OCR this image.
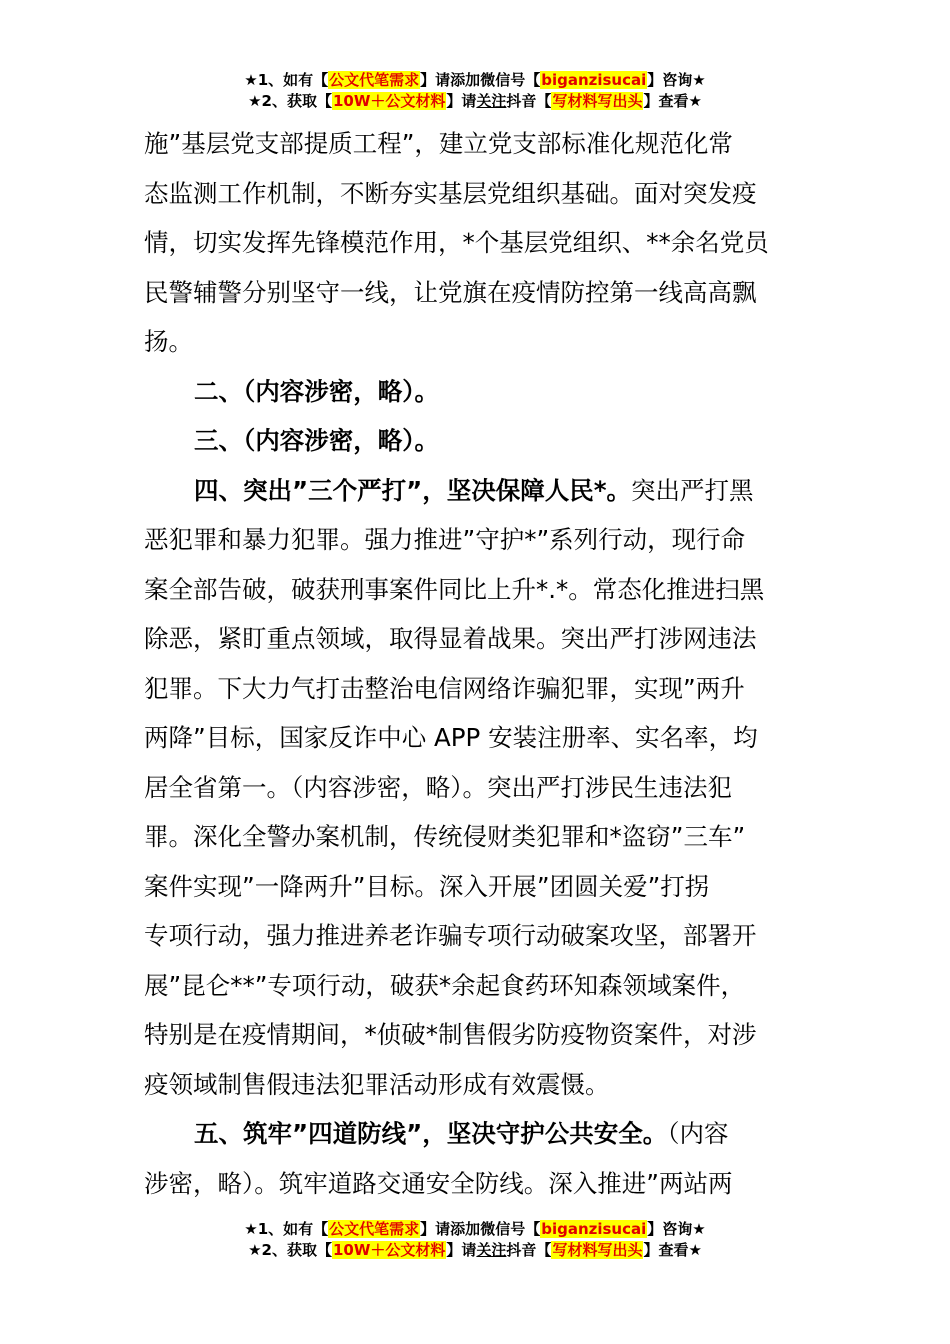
★1、如有【公文代笔需求】请添加微信号【biganzisucai】咨询★
★2、获取【10W＋公文材料】请关注抖音【写材料写出头】查看★
施”基层党支部提质工程”，建立党支部标准化规范化常
态监测工作机制，不断夯实基层党组织基础。面对突发疫
情，切实发挥先锋模范作用，*个基层党组织、**余名党员
民警辅警分别坚守一线，让党旗在疫情防控第一线高高飘
扬。
二、（内容涉密，略）。
三、（内容涉密，略）。
四、突出”三个严打”，坚决保障人民*。突出严打黑
恶犯罪和暴力犯罪。强力推进”守护*”系列行动，现行命
案全部告破，破获刑事案件同比上升*.*。常态化推进扫黑
除恶，紧盯重点领域，取得显着战果。突出严打涉网违法
犯罪。下大力气打击整治电信网络诈骗犯罪，实现”两升
两降”目标，国家反诈中心 APP 安装注册率、实名率，均
居全省第一。（内容涉密，略）。突出严打涉民生违法犯
罪。深化全警办案机制，传统侵财类犯罪和*盗窃”三车”
案件实现”一降两升”目标。深入开展”团圆关爱”打拐
专项行动，强力推进养老诈骗专项行动破案攻坚，部署开
展”昆仑**”专项行动，破获*余起食药环知森领域案件，
特别是在疫情期间，*侦破*制售假劣防疫物资案件，对涉
疫领域制售假违法犯罪活动形成有效震慑。
五、筑牢”四道防线”，坚决守护公共安全。（内容
涉密，略）。筑牢道路交通安全防线。深入推进”两站两
★1、如有【公文代笔需求】请添加微信号【biganzisucai】咨询★
★2、获取【10W＋公文材料】请关注抖音【写材料写出头】查看★
